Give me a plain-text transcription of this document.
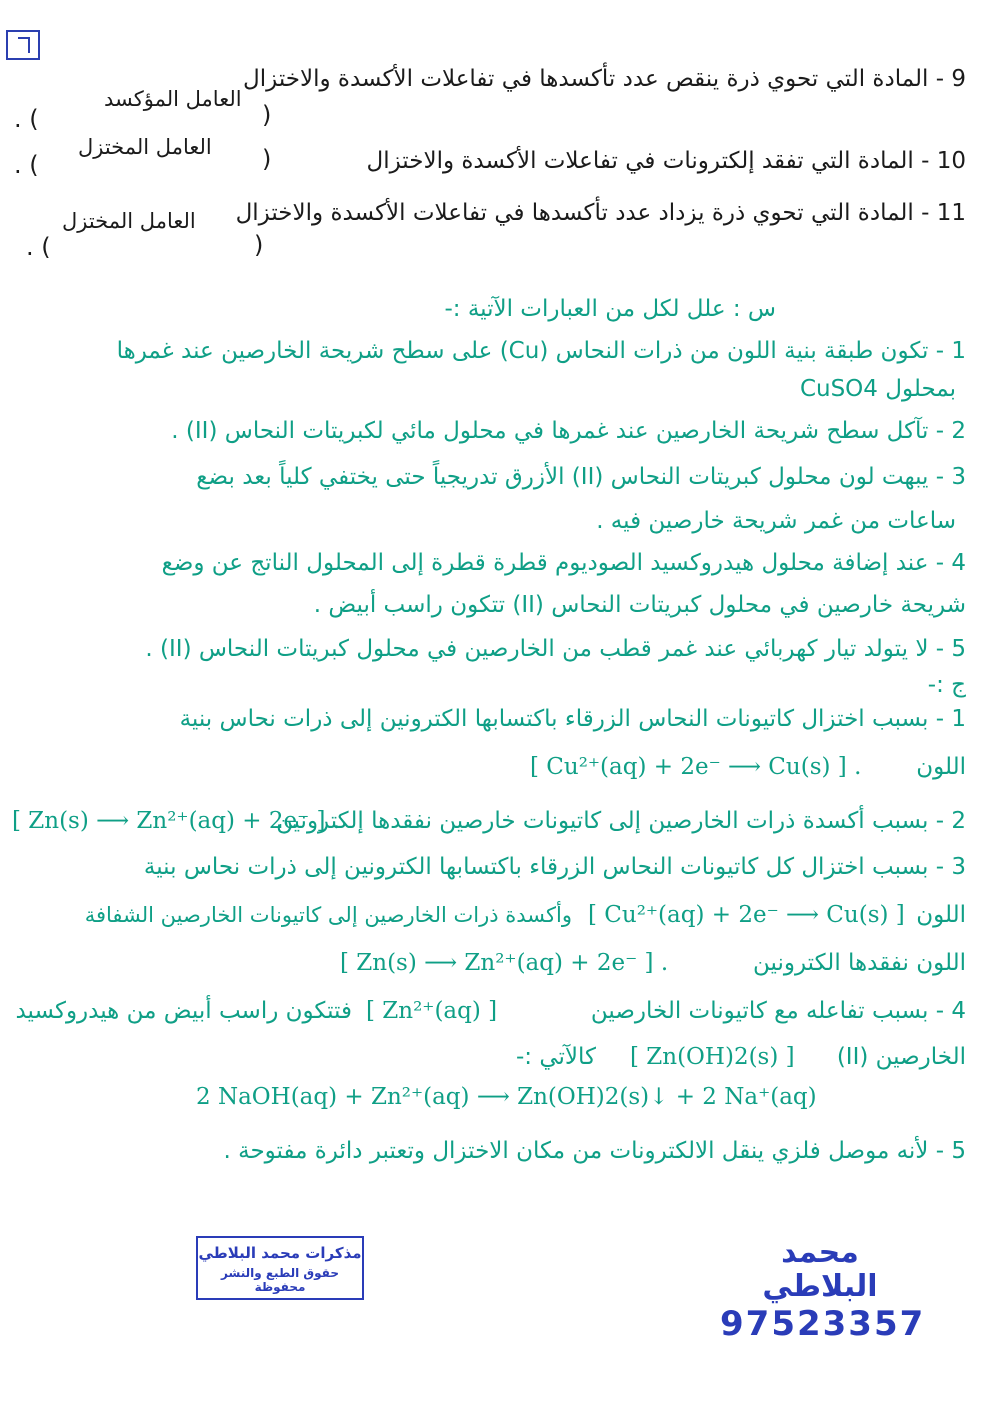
9 - المادة التي تحوي ذرة ينقص عدد تأكسدها في تفاعلات الأكسدة والاختزال
العامل المؤكسد
(
) .
10 - المادة التي تفقد إلكترونات في تفاعلات الأكسدة والاختزال
العامل المختزل (
) .
11 - المادة التي تحوي ذرة يزداد عدد تأكسدها في تفاعلات الأكسدة والاختزال
العامل المختزل
(
) .
س : علل لكل من العبارات الآتية :-
1 - تكون طبقة بنية اللون من ذرات النحاس (Cu) على سطح شريحة الخارصين عند غمرها
بمحلول CuSO4
2 - تآكل سطح شريحة الخارصين عند غمرها في محلول مائي لكبريتات النحاس (II) .
3 - يبهت لون محلول كبريتات النحاس (II) الأزرق تدريجياً حتى يختفي كلياً بعد بضع
ساعات من غمر شريحة خارصين فيه .
4 - عند إضافة محلول هيدروكسيد الصوديوم قطرة قطرة إلى المحلول الناتج عن وضع
شريحة خارصين في محلول كبريتات النحاس (II) تتكون راسب أبيض .
5 - لا يتولد تيار كهربائي عند غمر قطب من الخارصين في محلول كبريتات النحاس (II) .
ج :-
1 - بسبب اختزال كاتيونات النحاس الزرقاء باكتسابها الكترونين إلى ذرات نحاس بنية
اللون
[ Cu²⁺(aq) + 2e⁻ ⟶ Cu(s) ] .
2 - بسبب أكسدة ذرات الخارصين إلى كاتيونات خارصين نفقدها إلكترونين
[ Zn(s) ⟶ Zn²⁺(aq) + 2e⁻ ] .
3 - بسبب اختزال كل كاتيونات النحاس الزرقاء باكتسابها الكترونين إلى ذرات نحاس بنية
اللون
[ Cu²⁺(aq) + 2e⁻ ⟶ Cu(s) ]
وأكسدة ذرات الخارصين إلى كاتيونات الخارصين الشفافة
اللون نفقدها الكترونين
[ Zn(s) ⟶ Zn²⁺(aq) + 2e⁻ ] .
4 - بسبب تفاعله مع كاتيونات الخارصين
[ Zn²⁺(aq) ]
فتتكون راسب أبيض من هيدروكسيد
الخارصين (II)
[ Zn(OH)2(s) ]
كالآتي :-
2 NaOH(aq) + Zn²⁺(aq) ⟶ Zn(OH)2(s)↓ + 2 Na⁺(aq)
5 - لأنه موصل فلزي ينقل الالكترونات من مكان الاختزال وتعتبر دائرة مفتوحة .
مذكرات محمد البلاطي
حقوق الطبع والنشر محفوظة
محمد البلاطي
97523357
